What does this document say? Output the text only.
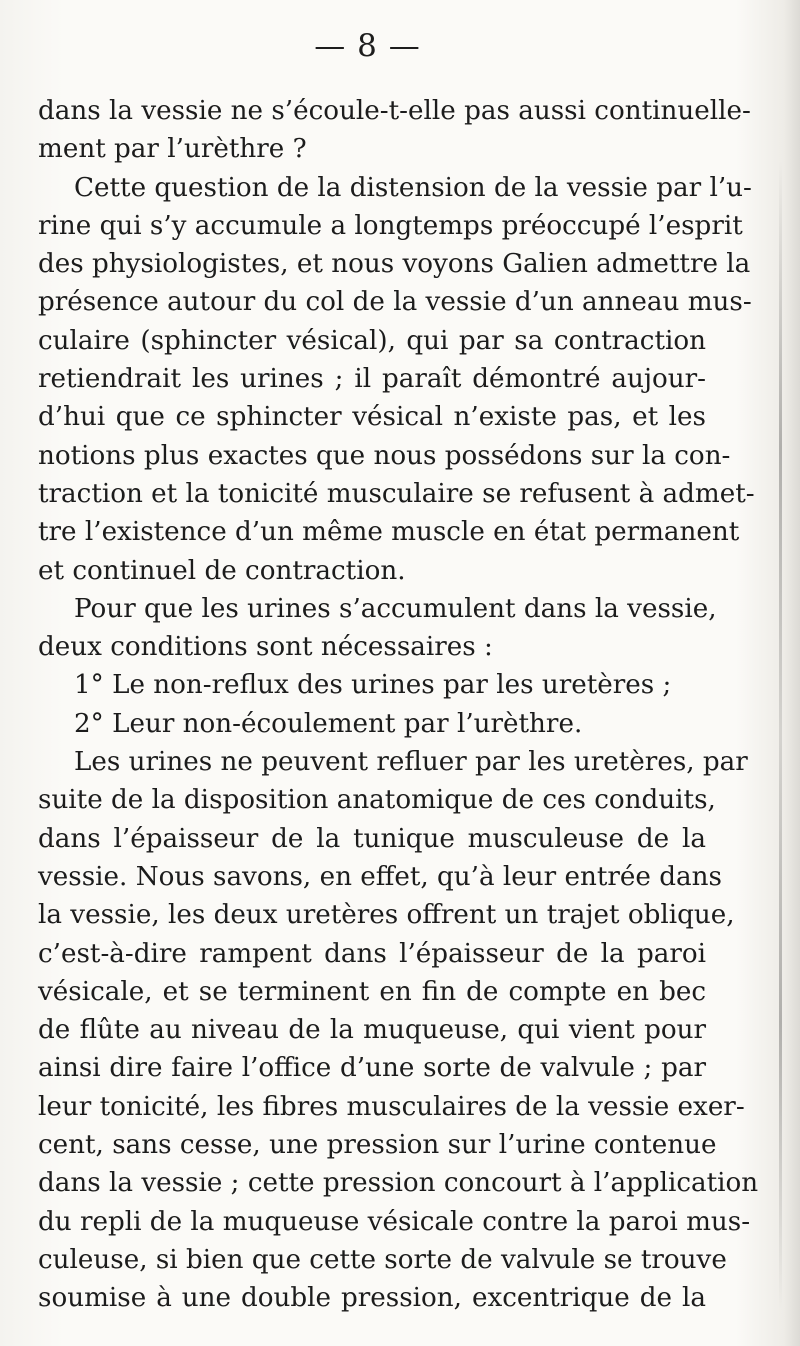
— 8 —
dans la vessie ne s’écoule-t-elle pas aussi continuelle-
ment par l’urèthre ?
Cette question de la distension de la vessie par l’u-
rine qui s’y accumule a longtemps préoccupé l’esprit
des physiologistes, et nous voyons Galien admettre la
présence autour du col de la vessie d’un anneau mus-
culaire (sphincter vésical), qui par sa contraction
retiendrait les urines ; il paraît démontré aujour-
d’hui que ce sphincter vésical n’existe pas, et les
notions plus exactes que nous possédons sur la con-
traction et la tonicité musculaire se refusent à admet-
tre l’existence d’un même muscle en état permanent
et continuel de contraction.
Pour que les urines s’accumulent dans la vessie,
deux conditions sont nécessaires :
1° Le non-reflux des urines par les uretères ;
2° Leur non-écoulement par l’urèthre.
Les urines ne peuvent refluer par les uretères, par
suite de la disposition anatomique de ces conduits,
dans l’épaisseur de la tunique musculeuse de la
vessie. Nous savons, en effet, qu’à leur entrée dans
la vessie, les deux uretères offrent un trajet oblique,
c’est-à-dire rampent dans l’épaisseur de la paroi
vésicale, et se terminent en fin de compte en bec
de flûte au niveau de la muqueuse, qui vient pour
ainsi dire faire l’office d’une sorte de valvule ; par
leur tonicité, les fibres musculaires de la vessie exer-
cent, sans cesse, une pression sur l’urine contenue
dans la vessie ; cette pression concourt à l’application
du repli de la muqueuse vésicale contre la paroi mus-
culeuse, si bien que cette sorte de valvule se trouve
soumise à une double pression, excentrique de la
